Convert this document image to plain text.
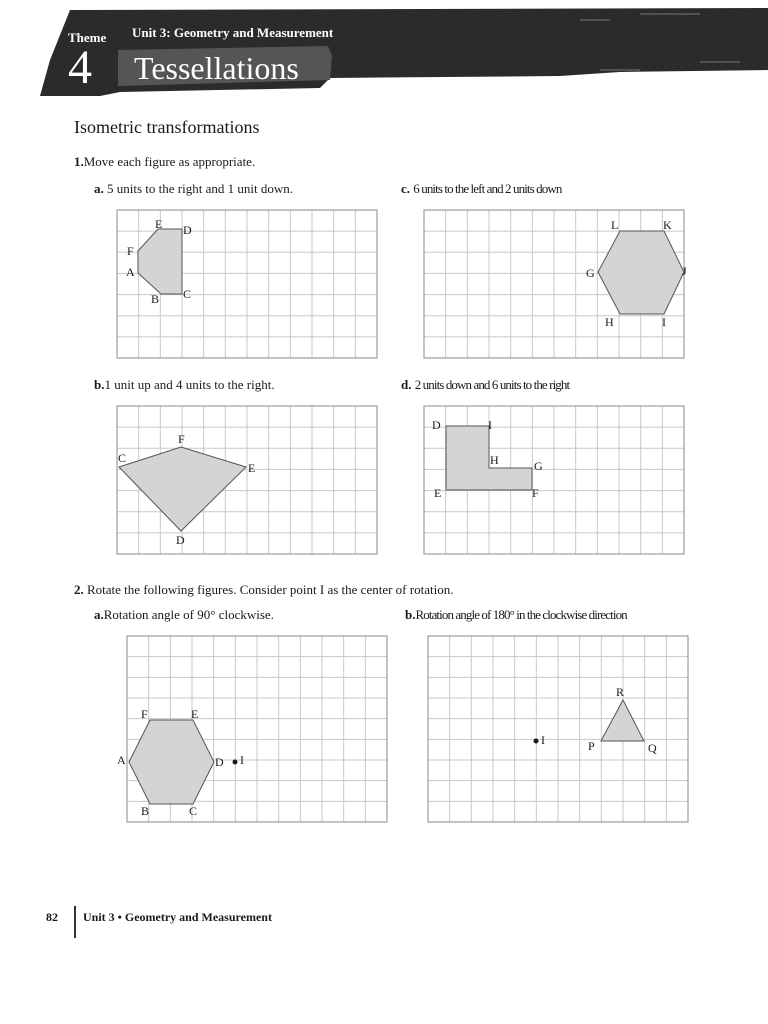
Theme
4
Unit 3: Geometry and Measurement
Tessellations
Isometric transformations
1.Move each figure as appropriate.
a. 5 units to the right and 1 unit down.	c. 6 units to the left and 2 units down
b.1 unit up and 4 units to the right.	d. 2 units down and 6 units to the right
E D
F
A
B C
L	K
G	J
H	I
F
C
E
D
D	I
H	G
E	F
2. Rotate the following figures. Consider point I as the center of rotation.
a.Rotation angle of 90° clockwise.	b.Rotation angle of 180° in the clockwise direction
F	E
A	D I
B	C
R
I	P	Q
82 Unit 3 • Geometry and Measurement
